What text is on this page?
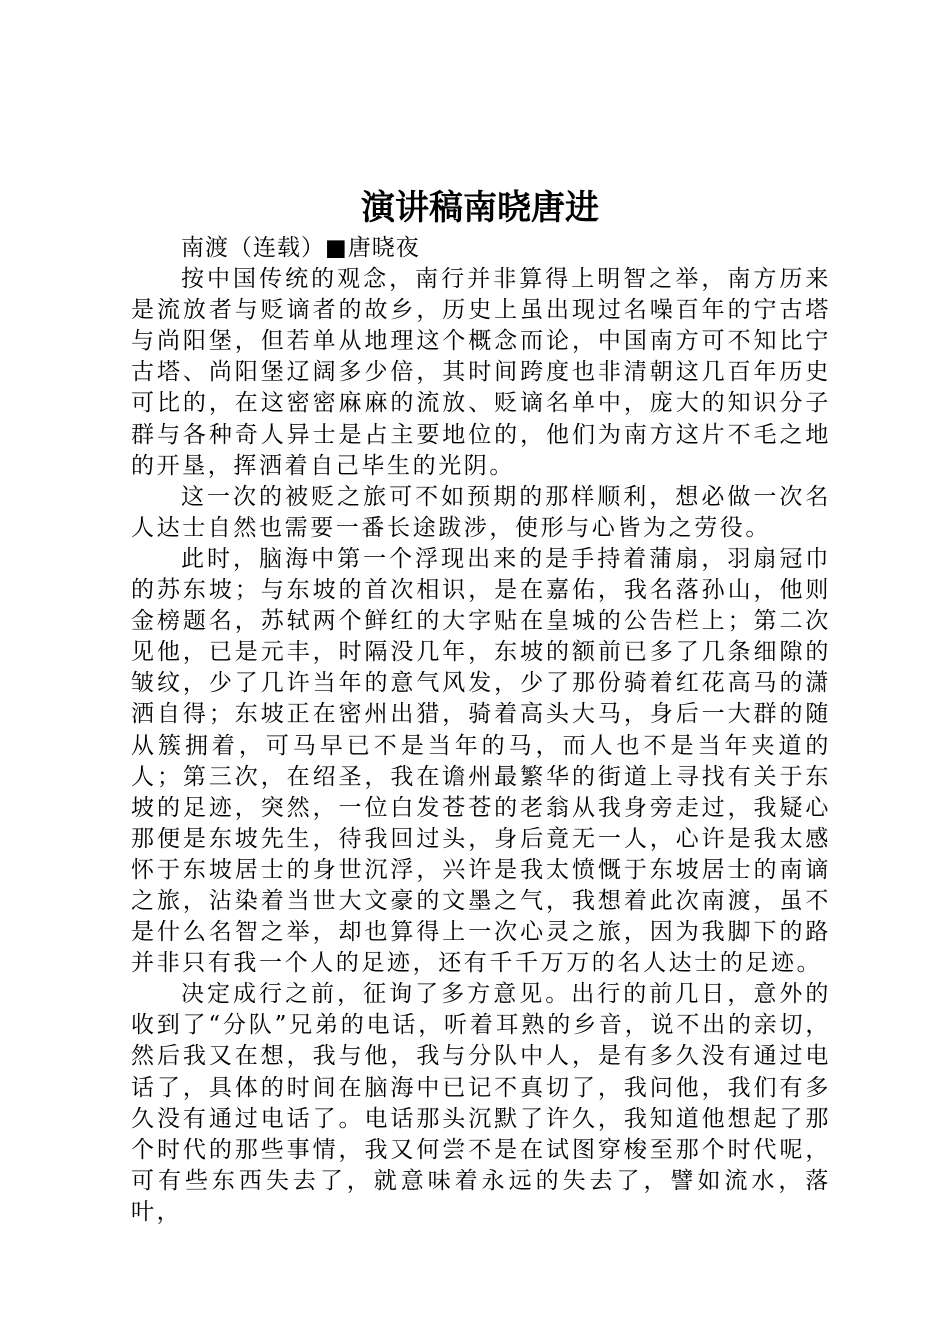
演讲稿南晓唐进

南渡（连载）■唐晓夜

按中国传统的观念，南行并非算得上明智之举，南方历来是流放者与贬谪者的故乡，历史上虽出现过名噪百年的宁古塔与尚阳堡，但若单从地理这个概念而论，中国南方可不知比宁古塔、尚阳堡辽阔多少倍，其时间跨度也非清朝这几百年历史可比的，在这密密麻麻的流放、贬谪名单中，庞大的知识分子群与各种奇人异士是占主要地位的，他们为南方这片不毛之地的开垦，挥洒着自己毕生的光阴。

这一次的被贬之旅可不如预期的那样顺利，想必做一次名人达士自然也需要一番长途跋涉，使形与心皆为之劳役。

此时，脑海中第一个浮现出来的是手持着蒲扇，羽扇冠巾的苏东坡；与东坡的首次相识，是在嘉佑，我名落孙山，他则金榜题名，苏轼两个鲜红的大字贴在皇城的公告栏上；第二次见他，已是元丰，时隔没几年，东坡的额前已多了几条细隙的皱纹，少了几许当年的意气风发，少了那份骑着红花高马的潇洒自得；东坡正在密州出猎，骑着高头大马，身后一大群的随从簇拥着，可马早已不是当年的马，而人也不是当年夹道的人；第三次，在绍圣，我在谵州最繁华的街道上寻找有关于东坡的足迹，突然，一位白发苍苍的老翁从我身旁走过，我疑心那便是东坡先生，待我回过头，身后竟无一人，心许是我太感怀于东坡居士的身世沉浮，兴许是我太愤慨于东坡居士的南谪之旅，沾染着当世大文豪的文墨之气，我想着此次南渡，虽不是什么名智之举，却也算得上一次心灵之旅，因为我脚下的路并非只有我一个人的足迹，还有千千万万的名人达士的足迹。

决定成行之前，征询了多方意见。出行的前几日，意外的收到了“分队”兄弟的电话，听着耳熟的乡音，说不出的亲切，然后我又在想，我与他，我与分队中人，是有多久没有通过电话了，具体的时间在脑海中已记不真切了，我问他，我们有多久没有通过电话了。电话那头沉默了许久，我知道他想起了那个时代的那些事情，我又何尝不是在试图穿梭至那个时代呢，可有些东西失去了，就意味着永远的失去了，譬如流水，落叶，
